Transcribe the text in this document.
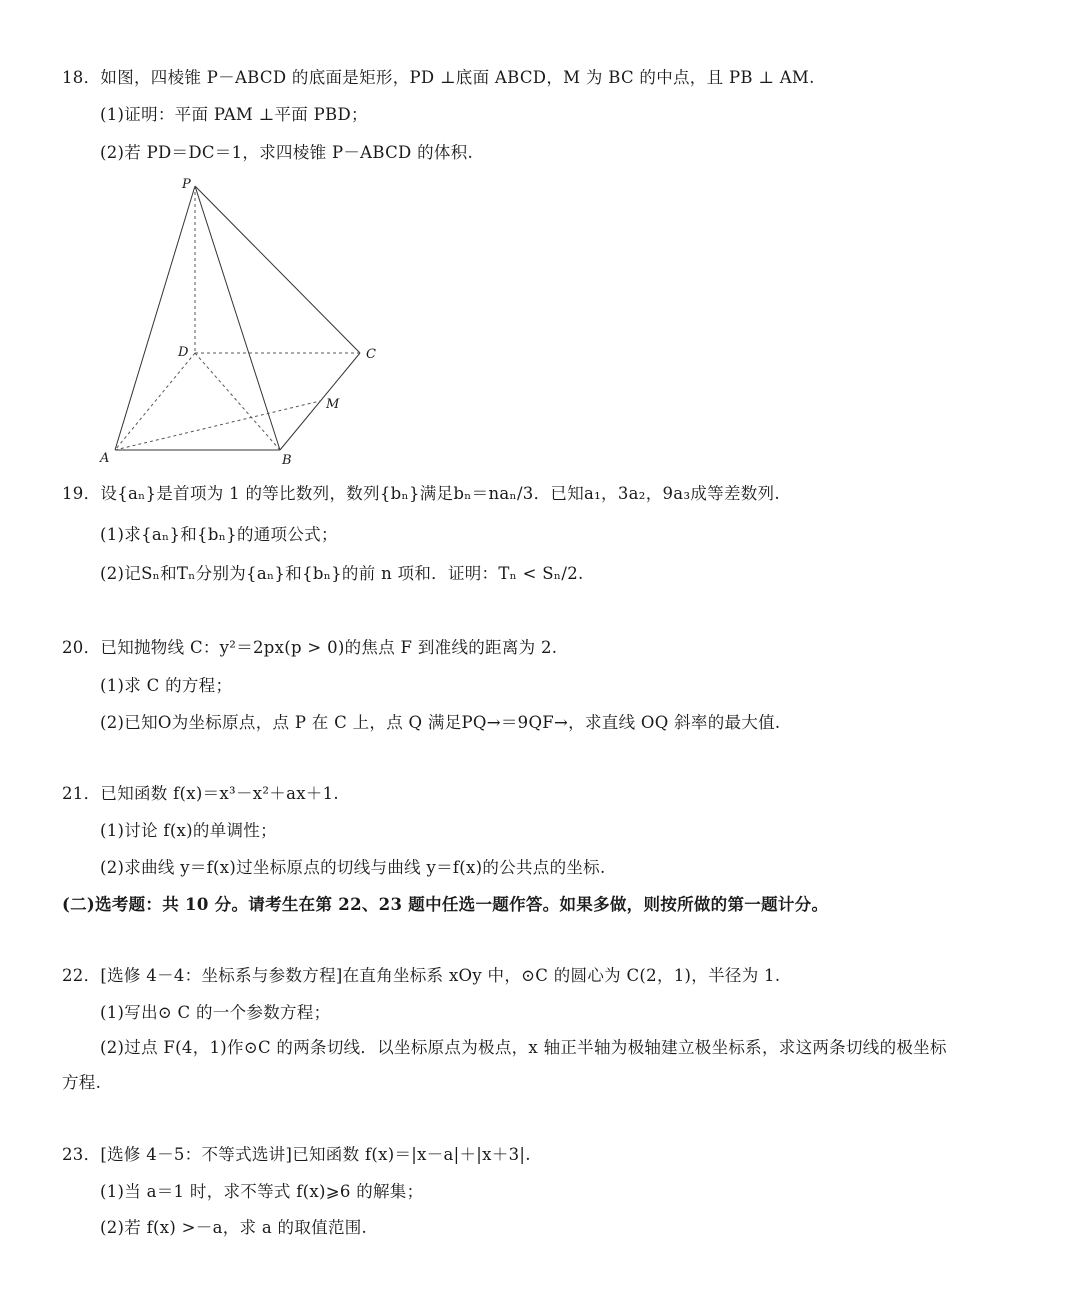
18．如图，四棱锥 P－ABCD 的底面是矩形，PD ⊥底面 ABCD，M 为 BC 的中点，且 PB ⊥ AM.
(1)证明：平面 PAM ⊥平面 PBD；
(2)若 PD＝DC＝1，求四棱锥 P－ABCD 的体积.
P
D	C
M
A	B
19．设{aₙ}是首项为 1 的等比数列，数列{bₙ}满足bₙ＝naₙ/3．已知a₁，3a₂，9a₃成等差数列.
(1)求{aₙ}和{bₙ}的通项公式；
(2)记Sₙ和Tₙ分别为{aₙ}和{bₙ}的前 n 项和．证明：Tₙ < Sₙ/2.
20．已知抛物线 C：y²＝2px(p > 0)的焦点 F 到准线的距离为 2.
(1)求 C 的方程；
(2)已知O为坐标原点，点 P 在 C 上，点 Q 满足PQ→＝9QF→，求直线 OQ 斜率的最大值.
21．已知函数 f(x)＝x³－x²＋ax＋1.
(1)讨论 f(x)的单调性；
(2)求曲线 y＝f(x)过坐标原点的切线与曲线 y＝f(x)的公共点的坐标.
(二)选考题：共 10 分。请考生在第 22、23 题中任选一题作答。如果多做，则按所做的第一题计分。
22．[选修 4－4：坐标系与参数方程]在直角坐标系 xOy 中，⊙C 的圆心为 C(2，1)，半径为 1.
(1)写出⊙ C 的一个参数方程；
(2)过点 F(4，1)作⊙C 的两条切线．以坐标原点为极点，x 轴正半轴为极轴建立极坐标系，求这两条切线的极坐标
方程.
23．[选修 4－5：不等式选讲]已知函数 f(x)＝|x－a|＋|x＋3|.
(1)当 a＝1 时，求不等式 f(x)⩾6 的解集；
(2)若 f(x) >－a，求 a 的取值范围.
